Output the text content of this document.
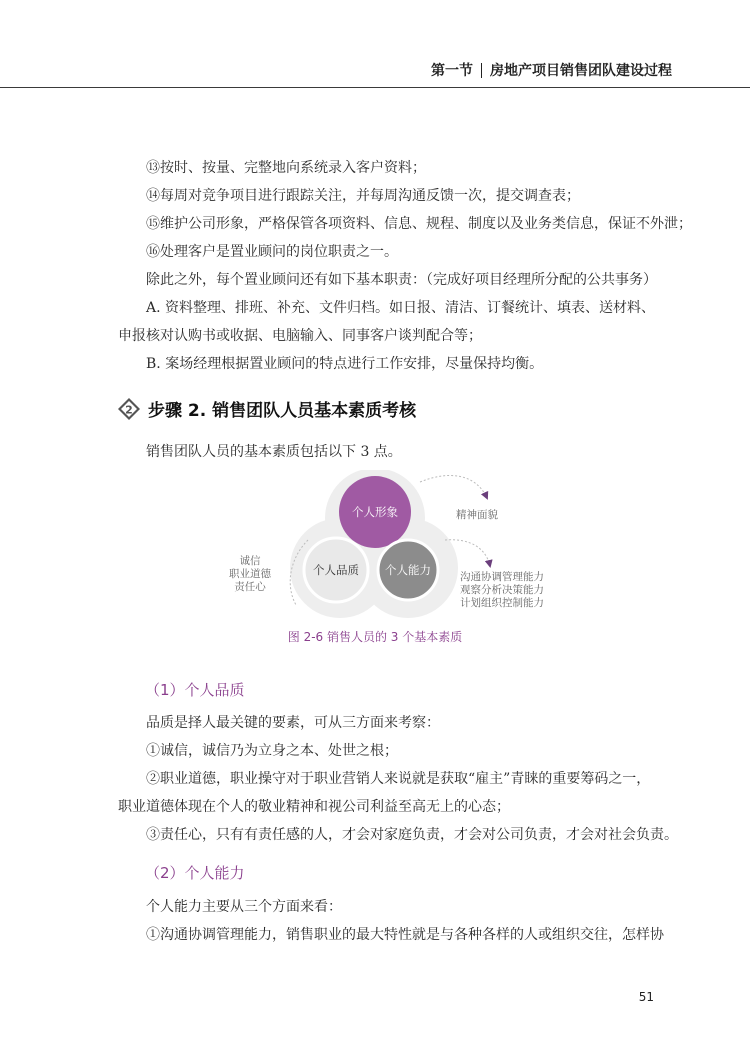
第一节 房地产项目销售团队建设过程

⑬按时、按量、完整地向系统录入客户资料；

⑭每周对竞争项目进行跟踪关注，并每周沟通反馈一次，提交调查表；

⑮维护公司形象，严格保管各项资料、信息、规程、制度以及业务类信息，保证不外泄；

⑯处理客户是置业顾问的岗位职责之一。

除此之外，每个置业顾问还有如下基本职责：（完成好项目经理所分配的公共事务）

A. 资料整理、排班、补充、文件归档。如日报、清洁、订餐统计、填表、送材料、

申报核对认购书或收据、电脑输入、同事客户谈判配合等；

B. 案场经理根据置业顾问的特点进行工作安排，尽量保持均衡。

2 步骤 2. 销售团队人员基本素质考核

销售团队人员的基本素质包括以下 3 点。

个人形象
个人品质 个人能力
精神面貌
诚信
职业道德
责任心
沟通协调管理能力
观察分析决策能力
计划组织控制能力
图 2-6 销售人员的 3 个基本素质
（1）个人品质

品质是择人最关键的要素，可从三方面来考察：

①诚信，诚信乃为立身之本、处世之根；

②职业道德，职业操守对于职业营销人来说就是获取“雇主”青睐的重要筹码之一，

职业道德体现在个人的敬业精神和视公司利益至高无上的心态；

③责任心，只有有责任感的人，才会对家庭负责，才会对公司负责，才会对社会负责。

（2）个人能力

个人能力主要从三个方面来看：

①沟通协调管理能力，销售职业的最大特性就是与各种各样的人或组织交往，怎样协

51
